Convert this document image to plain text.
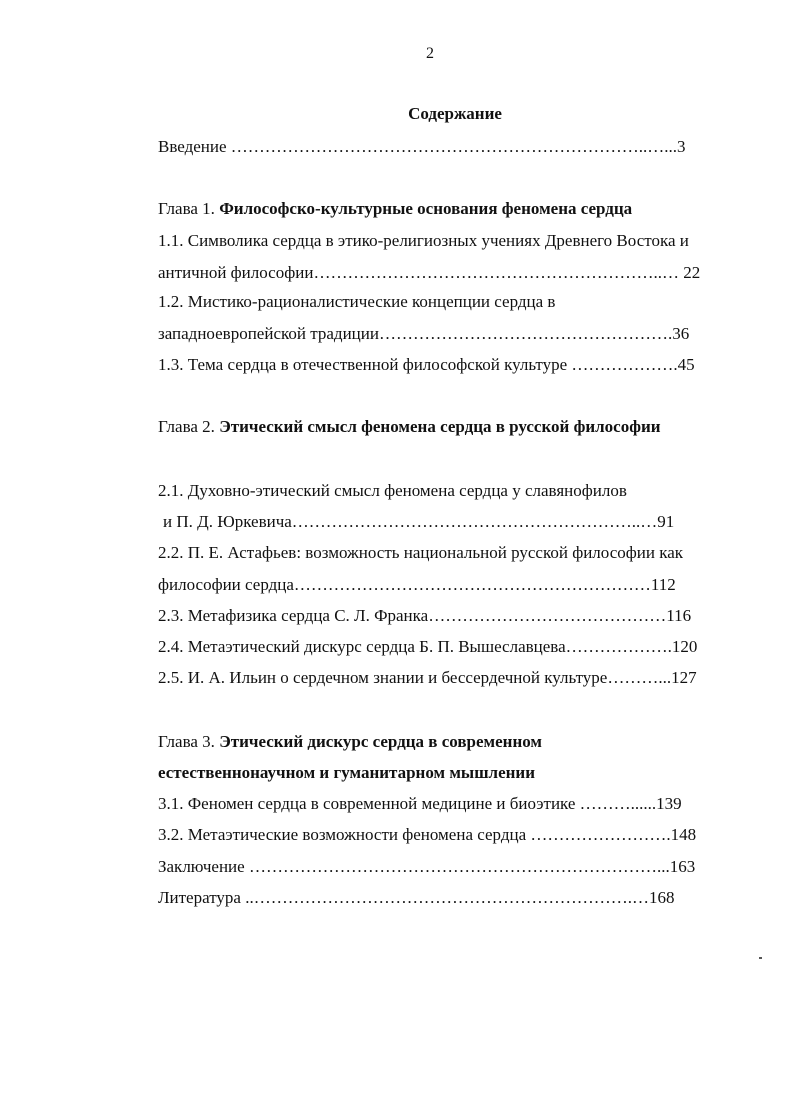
2
Содержание
Введение ………………………………………………………………..…...3
Глава 1. Философско-культурные основания феномена сердца
1.1. Символика сердца в этико-религиозных учениях Древнего Востока и
античной философии……………………………………………………..… 22
1.2. Мистико-рационалистические концепции сердца в
западноевропейской традиции…………………………………………….36
1.3. Тема сердца в отечественной философской культуре ……………….45
Глава 2. Этический смысл феномена сердца в русской философии
2.1. Духовно-этический смысл феномена сердца у славянофилов
и П. Д. Юркевича……………………………………………………..…91
2.2. П. Е. Астафьев: возможность национальной русской философии как
философии сердца………………………………………………………112
2.3. Метафизика сердца С. Л. Франка……………………………………116
2.4. Метаэтический дискурс сердца Б. П. Вышеславцева……………….120
2.5. И. А. Ильин о сердечном знании и бессердечной культуре………...127
Глава 3. Этический дискурс сердца в современном
естественнонаучном и гуманитарном мышлении
3.1. Феномен сердца в современной медицине и биоэтике ………......139
3.2. Метаэтические возможности феномена сердца …………………….148
Заключение ………………………………………………………………...163
Литература ..………………………………………………………….…168
